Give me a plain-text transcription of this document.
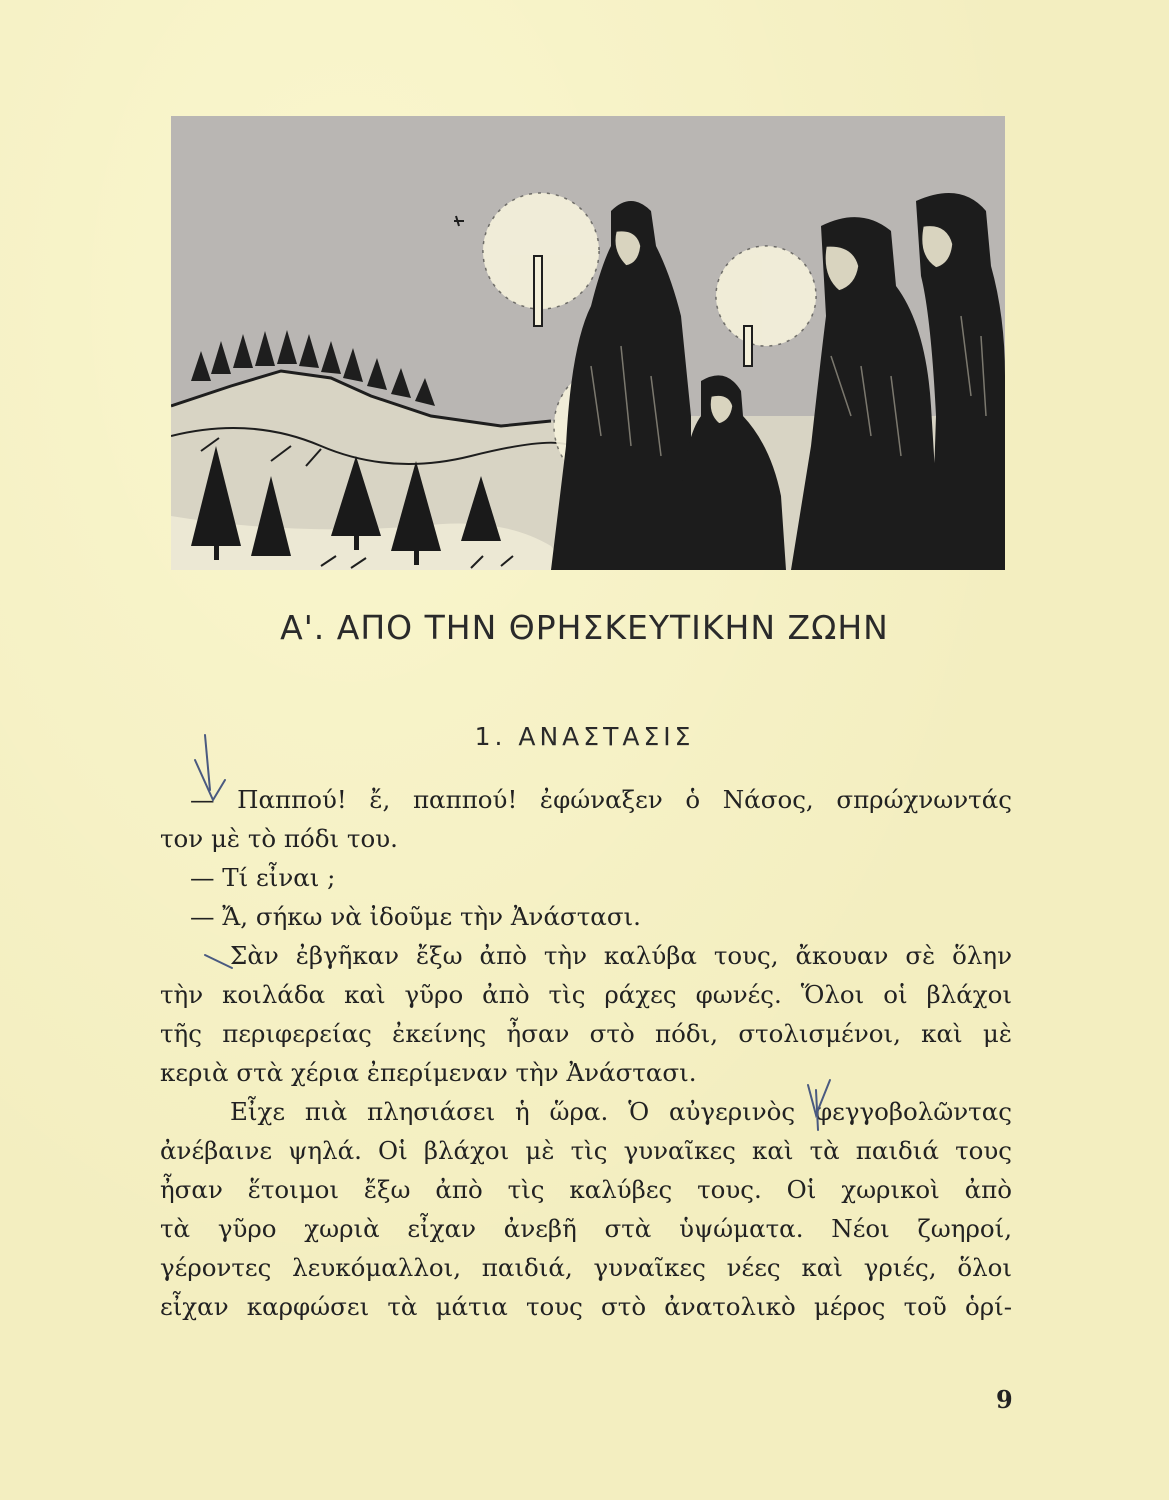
Α'. ΑΠΟ ΤΗΝ ΘΡΗΣΚΕΥΤΙΚΗΝ ΖΩΗΝ
1. ΑΝΑΣΤΑΣΙΣ
— Παππού! ἔ, παππού! ἐφώναξεν ὁ Νάσος, σπρώχνωντάς
τον μὲ τὸ πόδι του.
— Τί εἶναι ;
— Ἄ, σήκω νὰ ἰδοῦμε τὴν Ἀνάστασι.
Σὰν ἐβγῆκαν ἔξω ἀπὸ τὴν καλύβα τους, ἄκουαν σὲ ὅλην
τὴν κοιλάδα καὶ γῦρο ἀπὸ τὶς ράχες φωνές. Ὅλοι οἱ βλάχοι
τῆς περιφερείας ἐκείνης ἦσαν στὸ πόδι, στολισμένοι, καὶ μὲ
κεριὰ στὰ χέρια ἐπερίμεναν τὴν Ἀνάστασι.
Εἶχε πιὰ πλησιάσει ἡ ὥρα. Ὁ αὐγερινὸς φεγγοβολῶντας
ἀνέβαινε ψηλά. Οἱ βλάχοι μὲ τὶς γυναῖκες καὶ τὰ παιδιά τους
ἦσαν ἕτοιμοι ἔξω ἀπὸ τὶς καλύβες τους. Οἱ χωρικοὶ ἀπὸ
τὰ γῦρο χωριὰ εἶχαν ἀνεβῆ στὰ ὑψώματα. Νέοι ζωηροί,
γέροντες λευκόμαλλοι, παιδιά, γυναῖκες νέες καὶ γριές, ὅλοι
εἶχαν καρφώσει τὰ μάτια τους στὸ ἀνατολικὸ μέρος τοῦ ὁρί-
9
